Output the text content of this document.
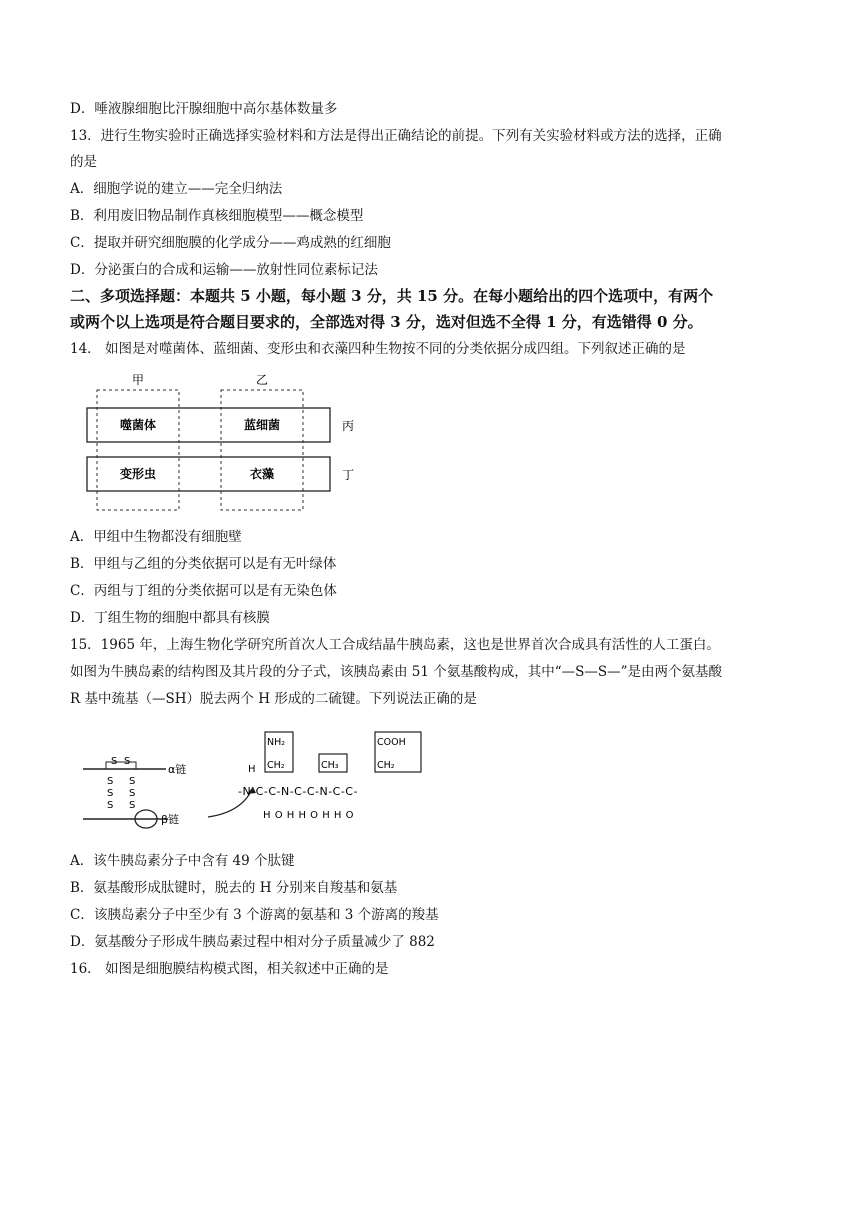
D．唾液腺细胞比汗腺细胞中高尔基体数量多
13．进行生物实验时正确选择实验材料和方法是得出正确结论的前提。下列有关实验材料或方法的选择，正确
的是
A．细胞学说的建立——完全归纳法
B．利用废旧物品制作真核细胞模型——概念模型
C．提取并研究细胞膜的化学成分——鸡成熟的红细胞
D．分泌蛋白的合成和运输——放射性同位素标记法
二、多项选择题：本题共 5 小题，每小题 3 分，共 15 分。在每小题给出的四个选项中，有两个
或两个以上选项是符合题目要求的，全部选对得 3 分，选对但选不全得 1 分，有选错得 0 分。
14． 如图是对噬菌体、蓝细菌、变形虫和衣藻四种生物按不同的分类依据分成四组。下列叙述正确的是
甲	乙
丙
丁
噬菌体	蓝细菌
变形虫	衣藻
A．甲组中生物都没有细胞壁
B．甲组与乙组的分类依据可以是有无叶绿体
C．丙组与丁组的分类依据可以是有无染色体
D．丁组生物的细胞中都具有核膜
15．1965 年，上海生物化学研究所首次人工合成结晶牛胰岛素，这也是世界首次合成具有活性的人工蛋白。
如图为牛胰岛素的结构图及其片段的分子式，该胰岛素由 51 个氨基酸构成，其中“—S—S—”是由两个氨基酸
R 基中巯基（—SH）脱去两个 H 形成的二硫键。下列说法正确的是
S S
S
S
S
S
S S
α链
β链
NH₂
CH₂	CH₃
COOH
CH₂
H
-N-C-C-N-C-C-N-C-C-
H O H H O H H O
A．该牛胰岛素分子中含有 49 个肽键
B．氨基酸形成肽键时，脱去的 H 分别来自羧基和氨基
C．该胰岛素分子中至少有 3 个游离的氨基和 3 个游离的羧基
D．氨基酸分子形成牛胰岛素过程中相对分子质量减少了 882
16． 如图是细胞膜结构模式图，相关叙述中正确的是
